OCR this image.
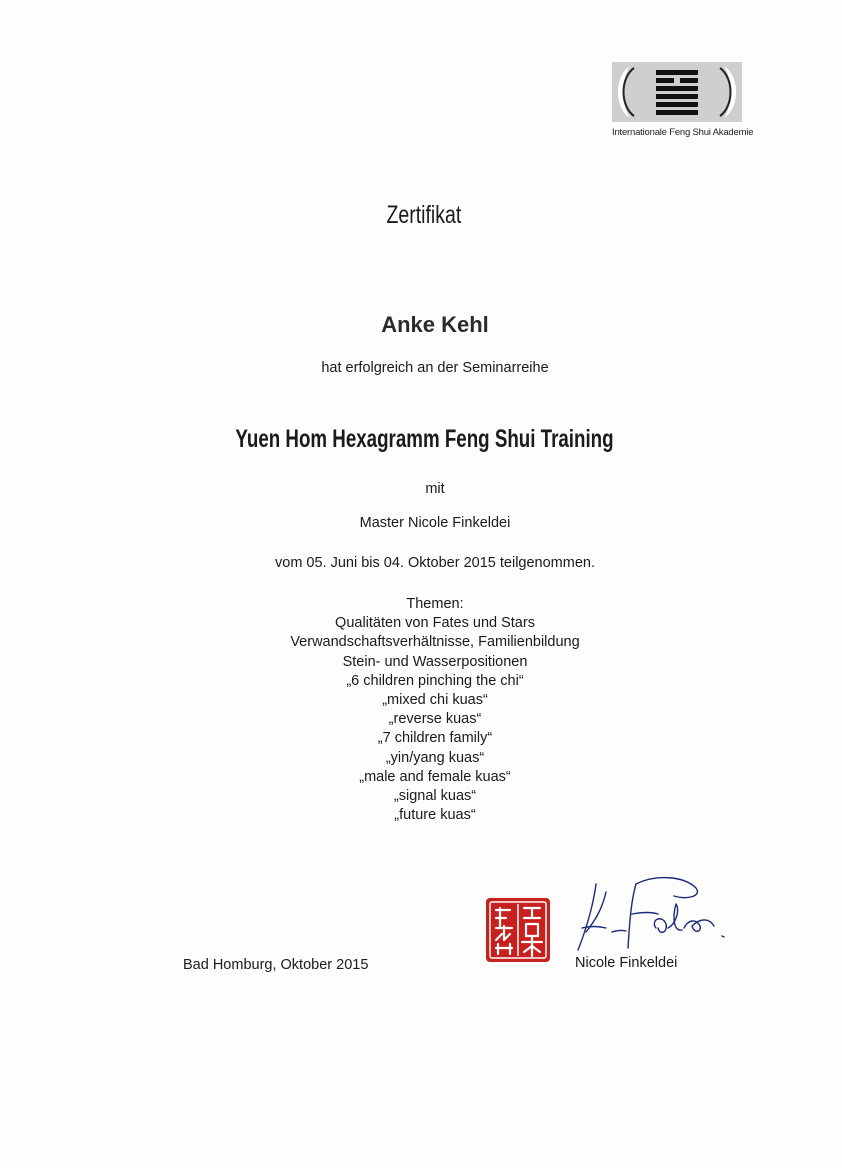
Internationale Feng Shui Akademie
Zertifikat
Anke Kehl
hat erfolgreich an der Seminarreihe
Yuen Hom Hexagramm Feng Shui Training
mit
Master Nicole Finkeldei
vom 05. Juni bis 04. Oktober 2015 teilgenommen.
Themen:
Qualitäten von Fates und Stars
Verwandschaftsverhältnisse, Familienbildung
Stein- und Wasserpositionen
„6 children pinching the chi“
„mixed chi kuas“
„reverse kuas“
„7 children family“
„yin/yang kuas“
„male and female kuas“
„signal kuas“
„future kuas“
Bad Homburg, Oktober 2015	Nicole Finkeldei
